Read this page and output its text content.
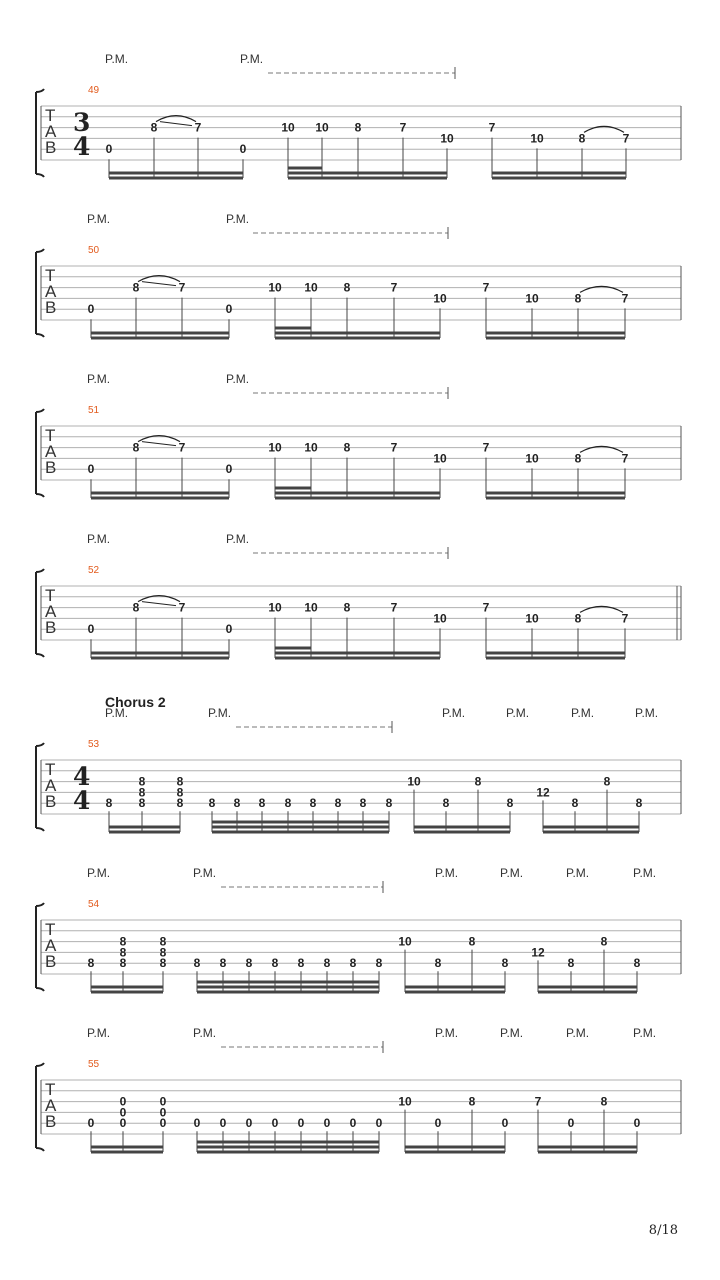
T
A
B
49
3
4
P.M.	P.M.
0
8	7
0
10 10 8	7
10
7
10	8	7
T
A
B
50
P.M.	P.M.
0
8	7
0
10 10 8	7
10
7
10	8	7
T
A
B
51
P.M.	P.M.
0
8	7
0
10 10 8	7
10
7
10	8	7
T
A
B
52
P.M.	P.M.
0
8	7
0
10 10 8	7
10
7
10	8	7
T
A
B
53
4
4
Chorus 2
P.M.	P.M.	P.M.	P.M.	P.M.	P.M.
8
8
8
8
8
8
8 8 8 8 8 8 8 8 8
10
8
8
8
12
8
8
8
T
A
B
54
P.M.	P.M.	P.M.	P.M.	P.M.	P.M.
8
8
8
8
8
8
8 8 8 8 8 8 8 8 8
10
8
8
8
12
8
8
8
T
A
B
55
P.M.	P.M.	P.M.	P.M.	P.M.	P.M.
0
0
0
0
0
0
0 0 0 0 0 0 0 0 0
10
0
8
0
7
0
8
0
8/18
